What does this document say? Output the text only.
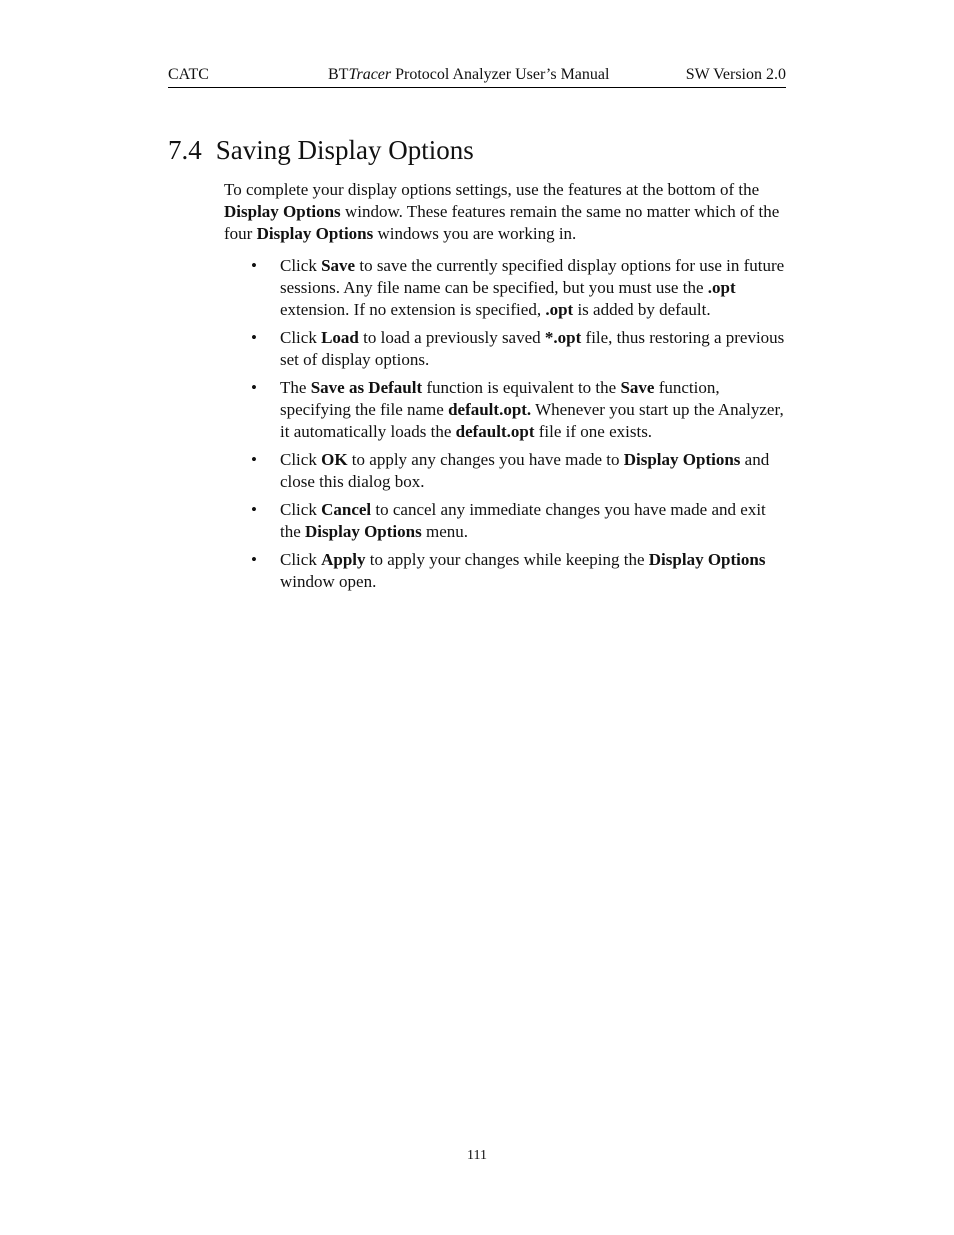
CATC	BTTracer Protocol Analyzer User’s Manual	SW Version 2.0
7.4 Saving Display Options

To complete your display options settings, use the features at the bottom of the Display Options window. These features remain the same no matter which of the four Display Options windows you are working in.

• Click Save to save the currently specified display options for use in future sessions. Any file name can be specified, but you must use the .opt extension. If no extension is specified, .opt is added by default.
• Click Load to load a previously saved *.opt file, thus restoring a previous set of display options.
• The Save as Default function is equivalent to the Save function, specifying the file name default.opt. Whenever you start up the Analyzer, it automatically loads the default.opt file if one exists.
• Click OK to apply any changes you have made to Display Options and close this dialog box.
• Click Cancel to cancel any immediate changes you have made and exit the Display Options menu.
• Click Apply to apply your changes while keeping the Display Options window open.
111
